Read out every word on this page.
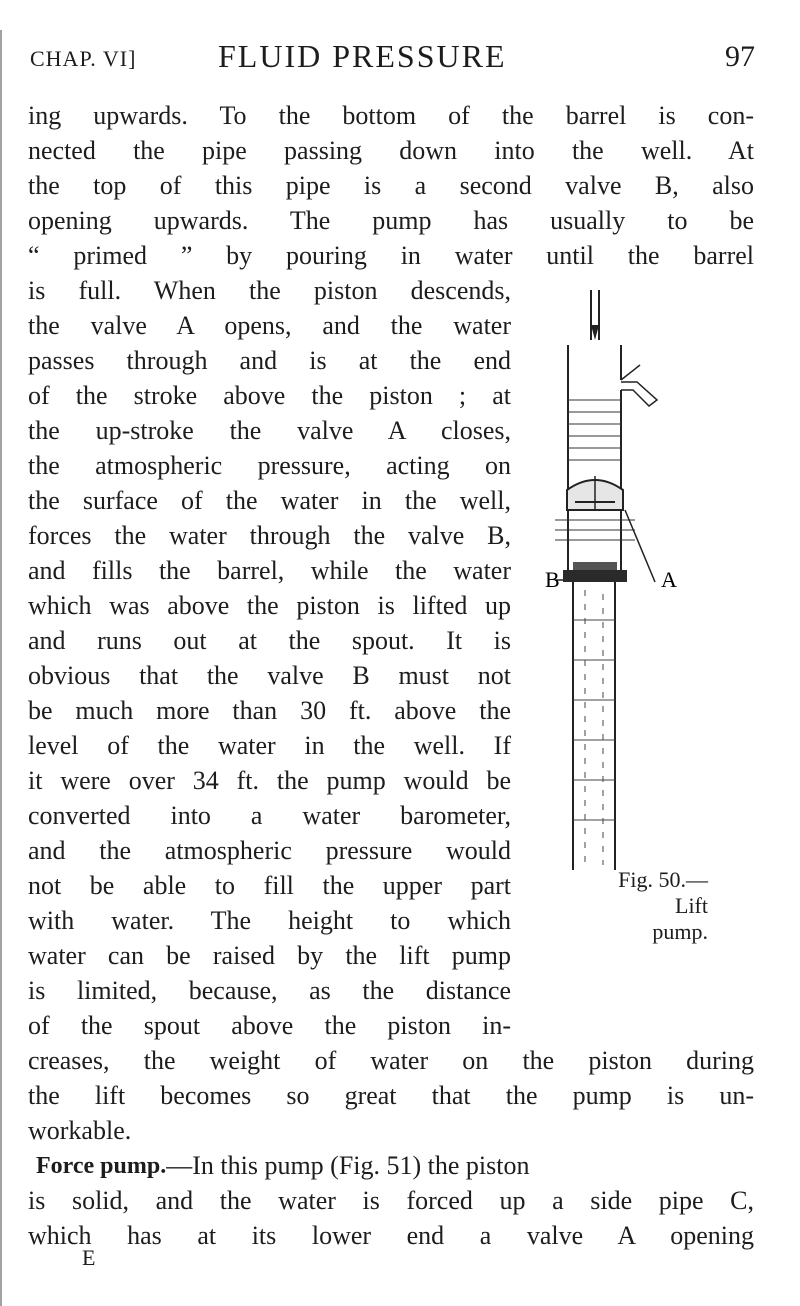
CHAP. VI]	FLUID PRESSURE	97
ing upwards. To the bottom of the barrel is con-
nected the pipe passing down into the well. At
the top of this pipe is a second valve B, also
opening upwards. The pump has usually to be
“ primed ” by pouring in water until the barrel
is full. When the piston descends,
the valve A opens, and the water
passes through and is at the end
of the stroke above the piston ; at
the up-stroke the valve A closes,
the atmospheric pressure, acting on
the surface of the water in the well,
forces the water through the valve B,
and fills the barrel, while the water
which was above the piston is lifted up
and runs out at the spout. It is
obvious that the valve B must not
be much more than 30 ft. above the
level of the water in the well. If
it were over 34 ft. the pump would be
converted into a water barometer,
and the atmospheric pressure would
not be able to fill the upper part
with water. The height to which
water can be raised by the lift pump
is limited, because, as the distance
of the spout above the piston in-
creases, the weight of water on the piston during
the lift becomes so great that the pump is un-
workable.
Force pump. —In this pump (Fig. 51) the piston
is solid, and the water is forced up a side pipe C,
which has at its lower end a valve A opening
B	A
Fig. 50.—Lift
pump.
E
